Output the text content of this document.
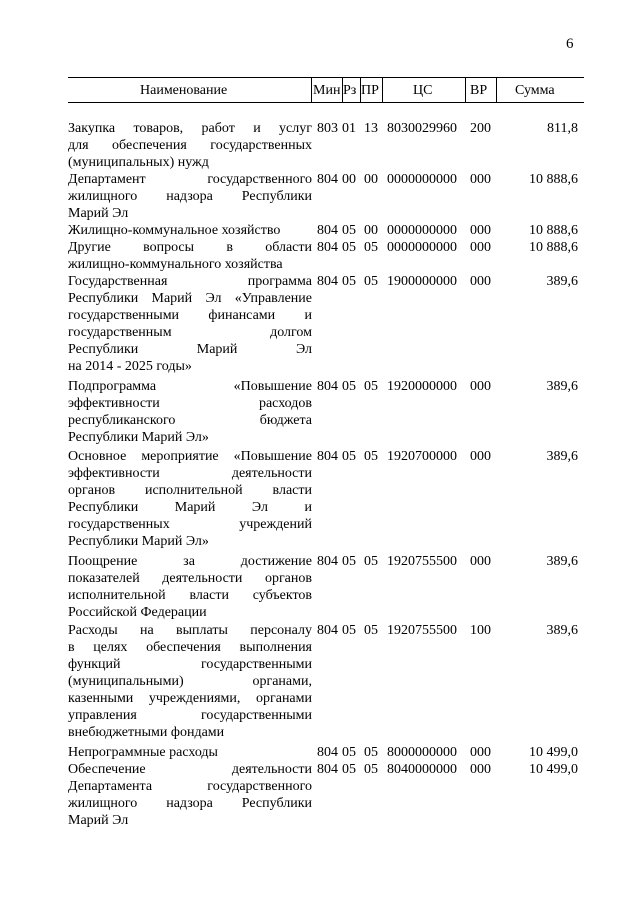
6
Наименование	Мин Рз ПР ЦС	ВР Сумма
Закупка товаров, работ и услуг
для обеспечения государственных
(муниципальных) нужд
803 01 13 8030029960 200	811,8
Департамент государственного
жилищного надзора Республики
Марий Эл
804 00 00 0000000000 000	10 888,6
Жилищно-коммунальное хозяйство	804 05 00 0000000000 000	10 888,6
Другие вопросы в области
жилищно-коммунального хозяйства
804 05 05 0000000000 000	10 888,6
Государственная программа
Республики Марий Эл «Управление
государственными финансами и
государственным долгом
Республики Марий Эл
на 2014 - 2025 годы»
804 05 05 1900000000 000	389,6
Подпрограмма «Повышение
эффективности расходов
республиканского бюджета
Республики Марий Эл»
804 05 05 1920000000 000	389,6
Основное мероприятие «Повышение
эффективности деятельности
органов исполнительной власти
Республики Марий Эл и
государственных учреждений
Республики Марий Эл»
804 05 05 1920700000 000	389,6
Поощрение за достижение
показателей деятельности органов
исполнительной власти субъектов
Российской Федерации
804 05 05 1920755500 000	389,6
Расходы на выплаты персоналу
в целях обеспечения выполнения
функций государственными
(муниципальными) органами,
казенными учреждениями, органами
управления государственными
внебюджетными фондами
804 05 05 1920755500 100	389,6
Непрограммные расходы	804 05 05 8000000000 000	10 499,0
Обеспечение деятельности
Департамента государственного
жилищного надзора Республики
Марий Эл
804 05 05 8040000000 000	10 499,0
